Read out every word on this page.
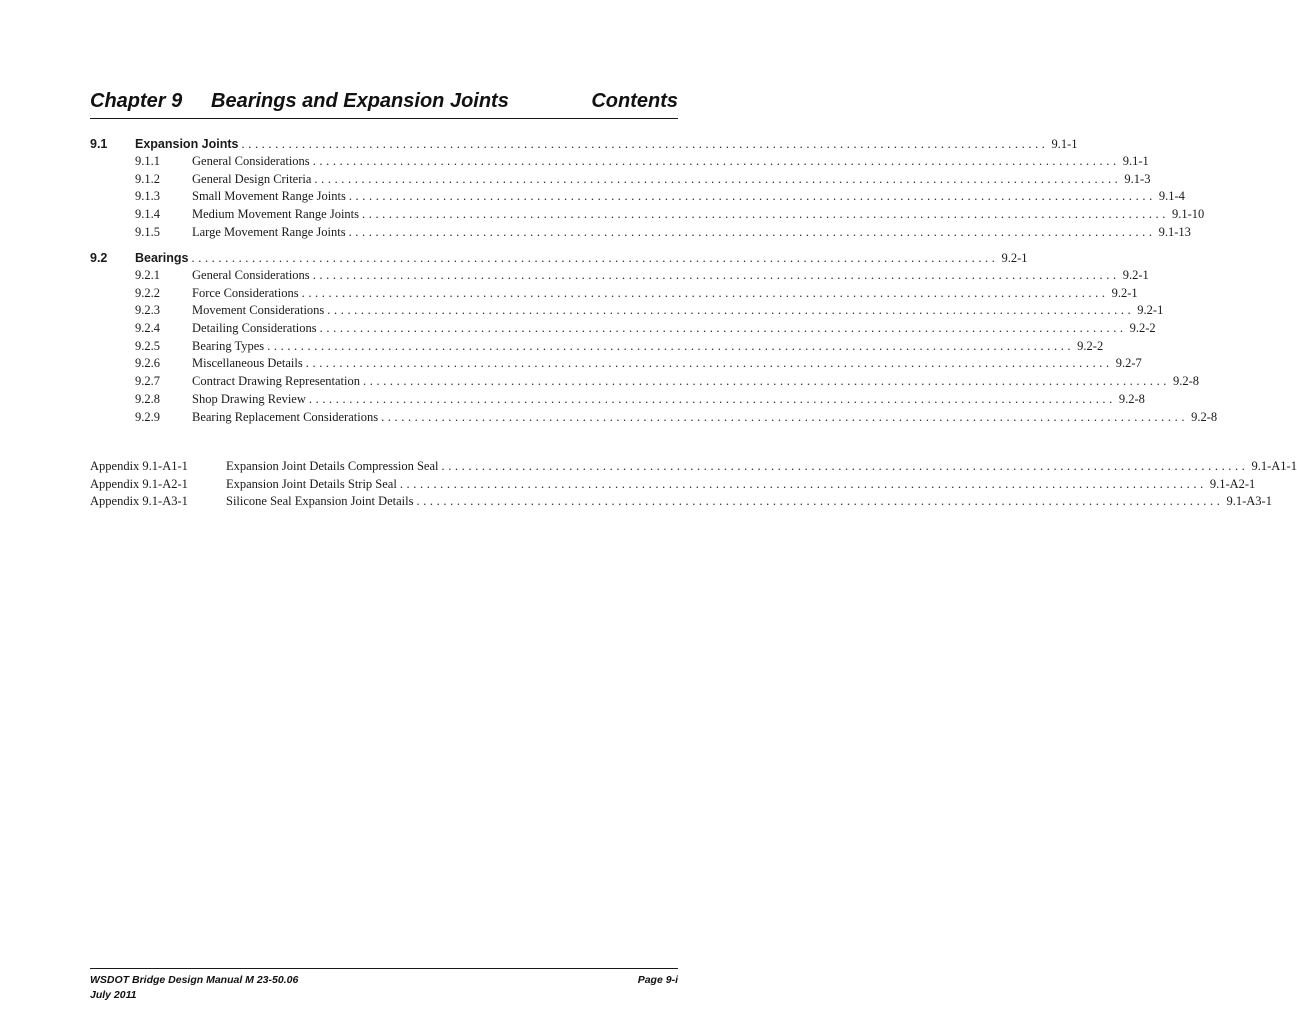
Chapter 9 Bearings and Expansion Joints	Contents
9.1 Expansion Joints ........................................................................................................................ 9.1-1
9.1.1	General Considerations ........................................................................................................................ 9.1-1
9.1.2	General Design Criteria ........................................................................................................................ 9.1-3
9.1.3	Small Movement Range Joints ........................................................................................................................ 9.1-4
9.1.4	Medium Movement Range Joints ........................................................................................................................ 9.1-10
9.1.5	Large Movement Range Joints ........................................................................................................................ 9.1-13
9.2 Bearings ........................................................................................................................ 9.2-1
9.2.1	General Considerations ........................................................................................................................ 9.2-1
9.2.2	Force Considerations ........................................................................................................................ 9.2-1
9.2.3	Movement Considerations ........................................................................................................................ 9.2-1
9.2.4	Detailing Considerations ........................................................................................................................ 9.2-2
9.2.5	Bearing Types ........................................................................................................................ 9.2-2
9.2.6	Miscellaneous Details ........................................................................................................................ 9.2-7
9.2.7	Contract Drawing Representation ........................................................................................................................ 9.2-8
9.2.8	Shop Drawing Review ........................................................................................................................ 9.2-8
9.2.9	Bearing Replacement Considerations ........................................................................................................................ 9.2-8
Appendix 9.1-A1-1	Expansion Joint Details Compression Seal ........................................................................................................................ 9.1-A1-1
Appendix 9.1-A2-1	Expansion Joint Details Strip Seal ........................................................................................................................ 9.1-A2-1
Appendix 9.1-A3-1	Silicone Seal Expansion Joint Details ........................................................................................................................ 9.1-A3-1
WSDOT Bridge Design Manual M 23-50.06
July 2011
Page 9-i
